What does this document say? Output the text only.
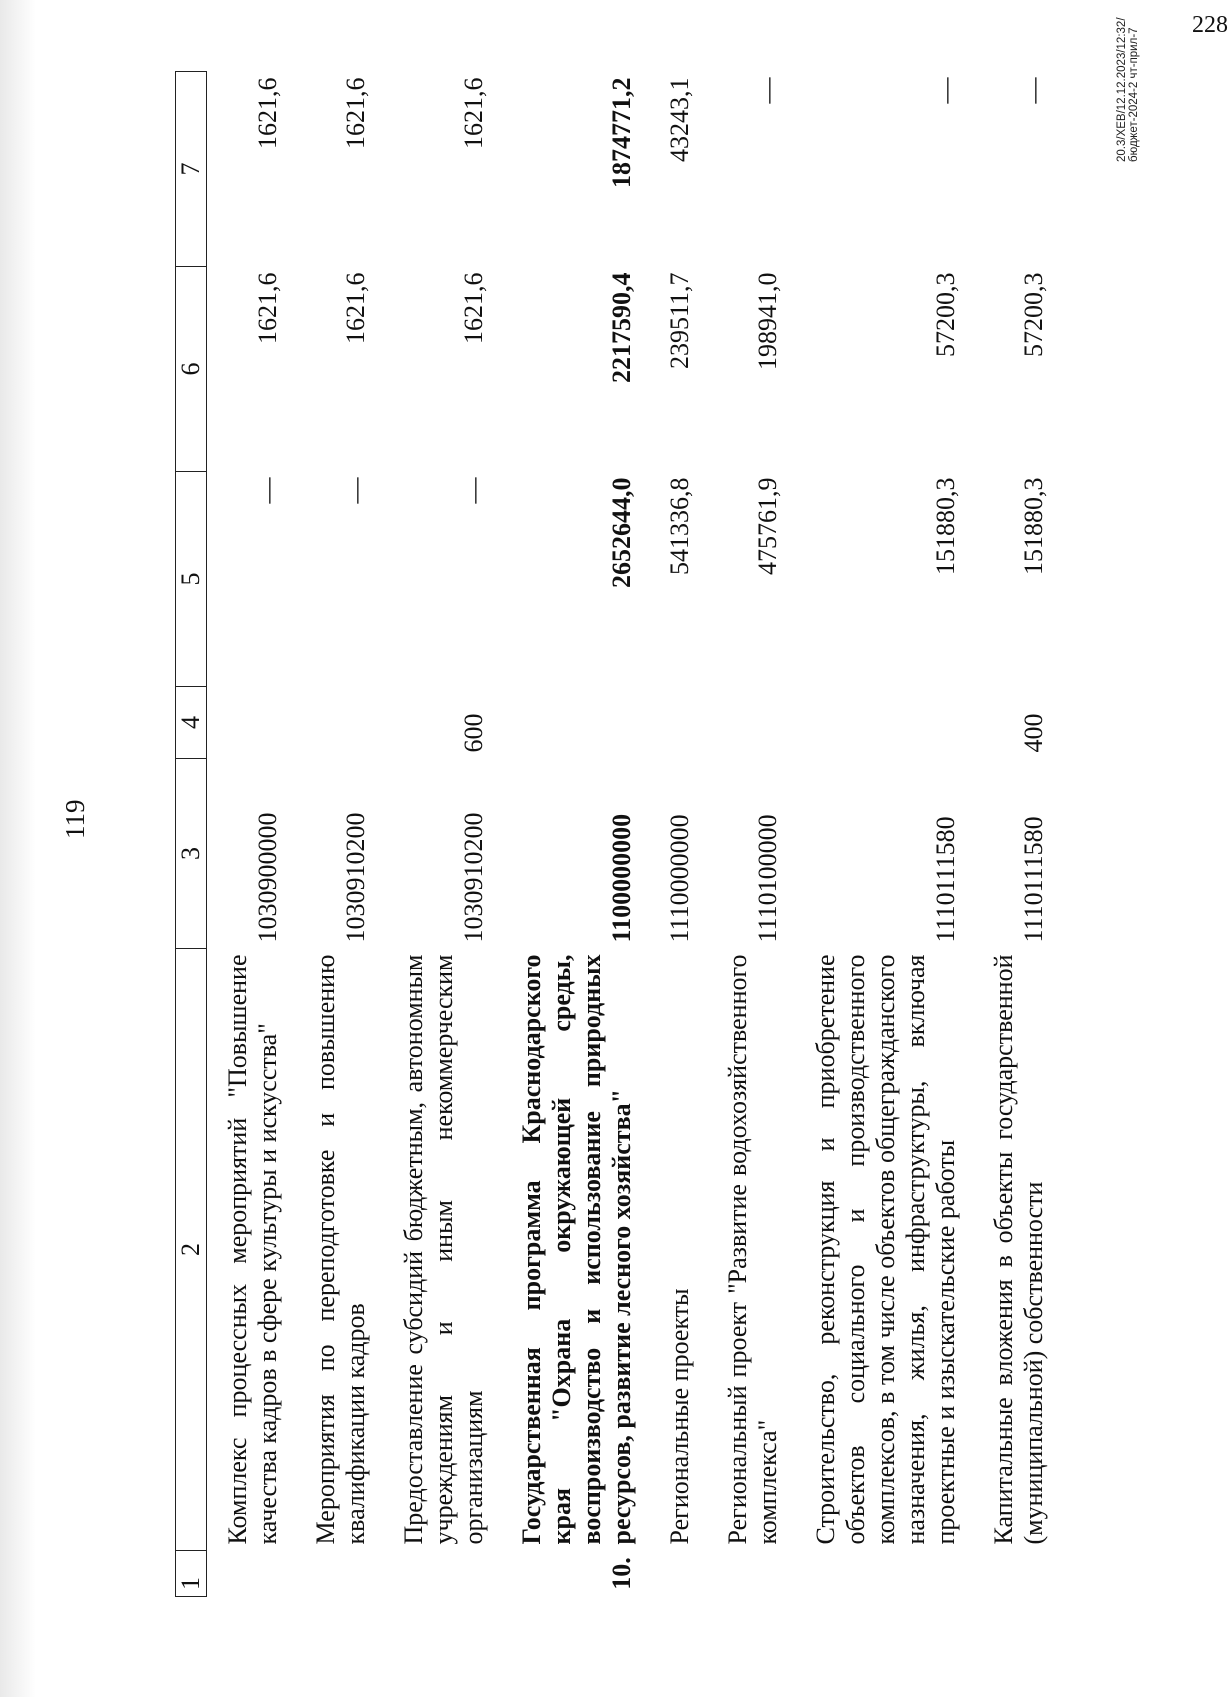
119
1	2	3	4	5	6	7
	Комплекс процессных мероприятий "Повышение качества кадров в сфере культуры и искусства"	1030900000		—	1621,6	1621,6
	Мероприятия по переподготовке и повышению квалификации кадров	1030910200		—	1621,6	1621,6
	Предоставление субсидий бюджетным, автономным учреждениям и иным некоммерческим организациям	1030910200	600	—	1621,6	1621,6
10.	Государственная программа Краснодарского края "Охрана окружающей среды, воспроизводство и использование природных ресурсов, развитие лесного хозяйства"	1100000000		2652644,0	2217590,4	1874771,2
	Региональные проекты	1110000000		541336,8	239511,7	43243,1
	Региональный проект "Развитие водохозяйственного комплекса"	1110100000		475761,9	198941,0	—
	Строительство, реконструкция и приобретение объектов социального и производственного комплексов, в том числе объектов общегражданского назначения, жилья, инфраструктуры, включая проектные и изыскательские работы	1110111580		151880,3	57200,3	—
	Капитальные вложения в объекты государственной (муниципальной) собственности	1110111580	400	151880,3	57200,3	—	20.3/ХЕВ/12.12.2023/12:32/бюджет-2024-2 чт-прил-7
228
